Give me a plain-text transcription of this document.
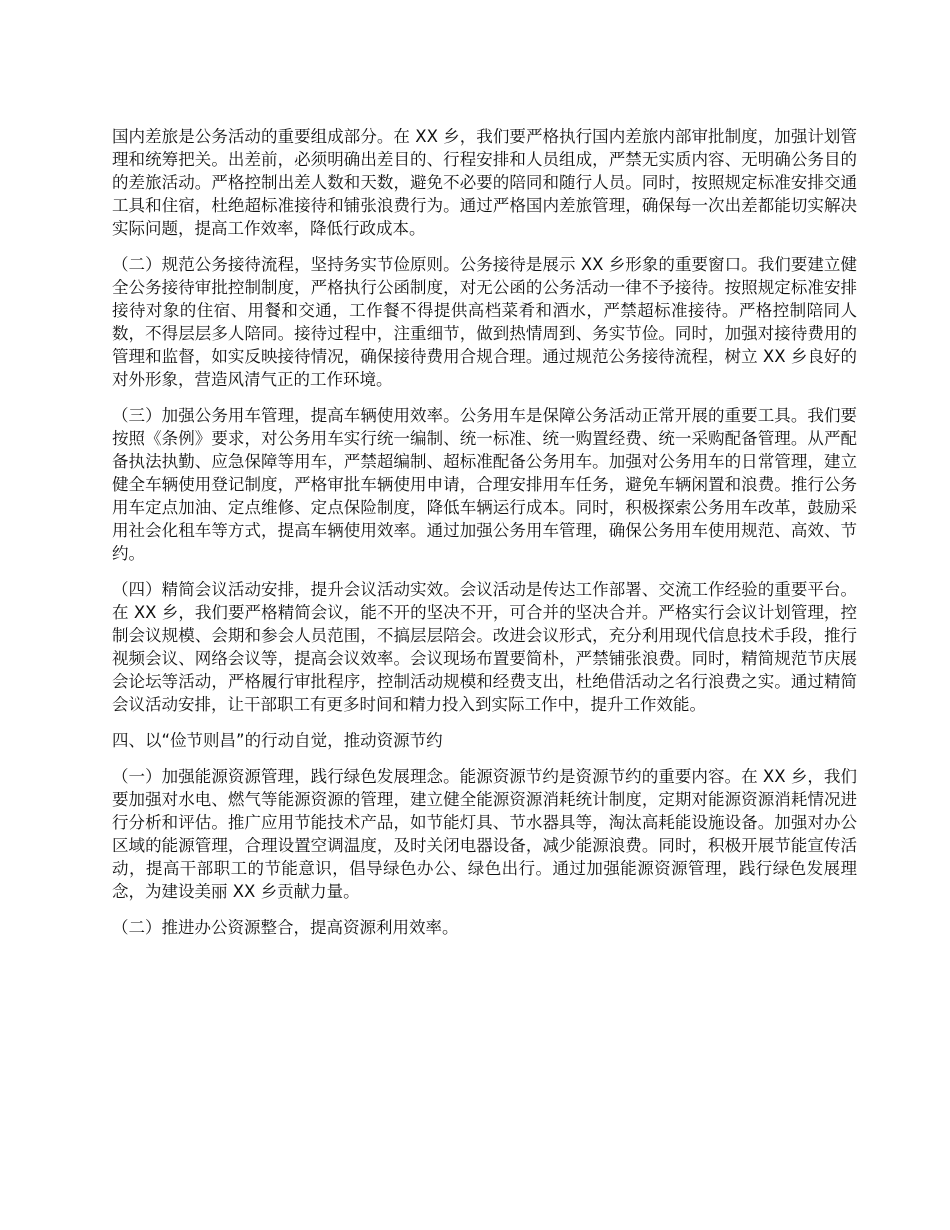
国内差旅是公务活动的重要组成部分。在 XX 乡，我们要严格执行国内差旅内部审批制度，加强计划管理和统筹把关。出差前，必须明确出差目的、行程安排和人员组成，严禁无实质内容、无明确公务目的的差旅活动。严格控制出差人数和天数，避免不必要的陪同和随行人员。同时，按照规定标准安排交通工具和住宿，杜绝超标准接待和铺张浪费行为。通过严格国内差旅管理，确保每一次出差都能切实解决实际问题，提高工作效率，降低行政成本。

（二）规范公务接待流程，坚持务实节俭原则。公务接待是展示 XX 乡形象的重要窗口。我们要建立健全公务接待审批控制制度，严格执行公函制度，对无公函的公务活动一律不予接待。按照规定标准安排接待对象的住宿、用餐和交通，工作餐不得提供高档菜肴和酒水，严禁超标准接待。严格控制陪同人数，不得层层多人陪同。接待过程中，注重细节，做到热情周到、务实节俭。同时，加强对接待费用的管理和监督，如实反映接待情况，确保接待费用合规合理。通过规范公务接待流程，树立 XX 乡良好的对外形象，营造风清气正的工作环境。

（三）加强公务用车管理，提高车辆使用效率。公务用车是保障公务活动正常开展的重要工具。我们要按照《条例》要求，对公务用车实行统一编制、统一标准、统一购置经费、统一采购配备管理。从严配备执法执勤、应急保障等用车，严禁超编制、超标准配备公务用车。加强对公务用车的日常管理，建立健全车辆使用登记制度，严格审批车辆使用申请，合理安排用车任务，避免车辆闲置和浪费。推行公务用车定点加油、定点维修、定点保险制度，降低车辆运行成本。同时，积极探索公务用车改革，鼓励采用社会化租车等方式，提高车辆使用效率。通过加强公务用车管理，确保公务用车使用规范、高效、节约。

（四）精简会议活动安排，提升会议活动实效。会议活动是传达工作部署、交流工作经验的重要平台。在 XX 乡，我们要严格精简会议，能不开的坚决不开，可合并的坚决合并。严格实行会议计划管理，控制会议规模、会期和参会人员范围，不搞层层陪会。改进会议形式，充分利用现代信息技术手段，推行视频会议、网络会议等，提高会议效率。会议现场布置要简朴，严禁铺张浪费。同时，精简规范节庆展会论坛等活动，严格履行审批程序，控制活动规模和经费支出，杜绝借活动之名行浪费之实。通过精简会议活动安排，让干部职工有更多时间和精力投入到实际工作中，提升工作效能。

四、以“俭节则昌”的行动自觉，推动资源节约

（一）加强能源资源管理，践行绿色发展理念。能源资源节约是资源节约的重要内容。在 XX 乡，我们要加强对水电、燃气等能源资源的管理，建立健全能源资源消耗统计制度，定期对能源资源消耗情况进行分析和评估。推广应用节能技术产品，如节能灯具、节水器具等，淘汰高耗能设施设备。加强对办公区域的能源管理，合理设置空调温度，及时关闭电器设备，减少能源浪费。同时，积极开展节能宣传活动，提高干部职工的节能意识，倡导绿色办公、绿色出行。通过加强能源资源管理，践行绿色发展理念，为建设美丽 XX 乡贡献力量。

（二）推进办公资源整合，提高资源利用效率。
